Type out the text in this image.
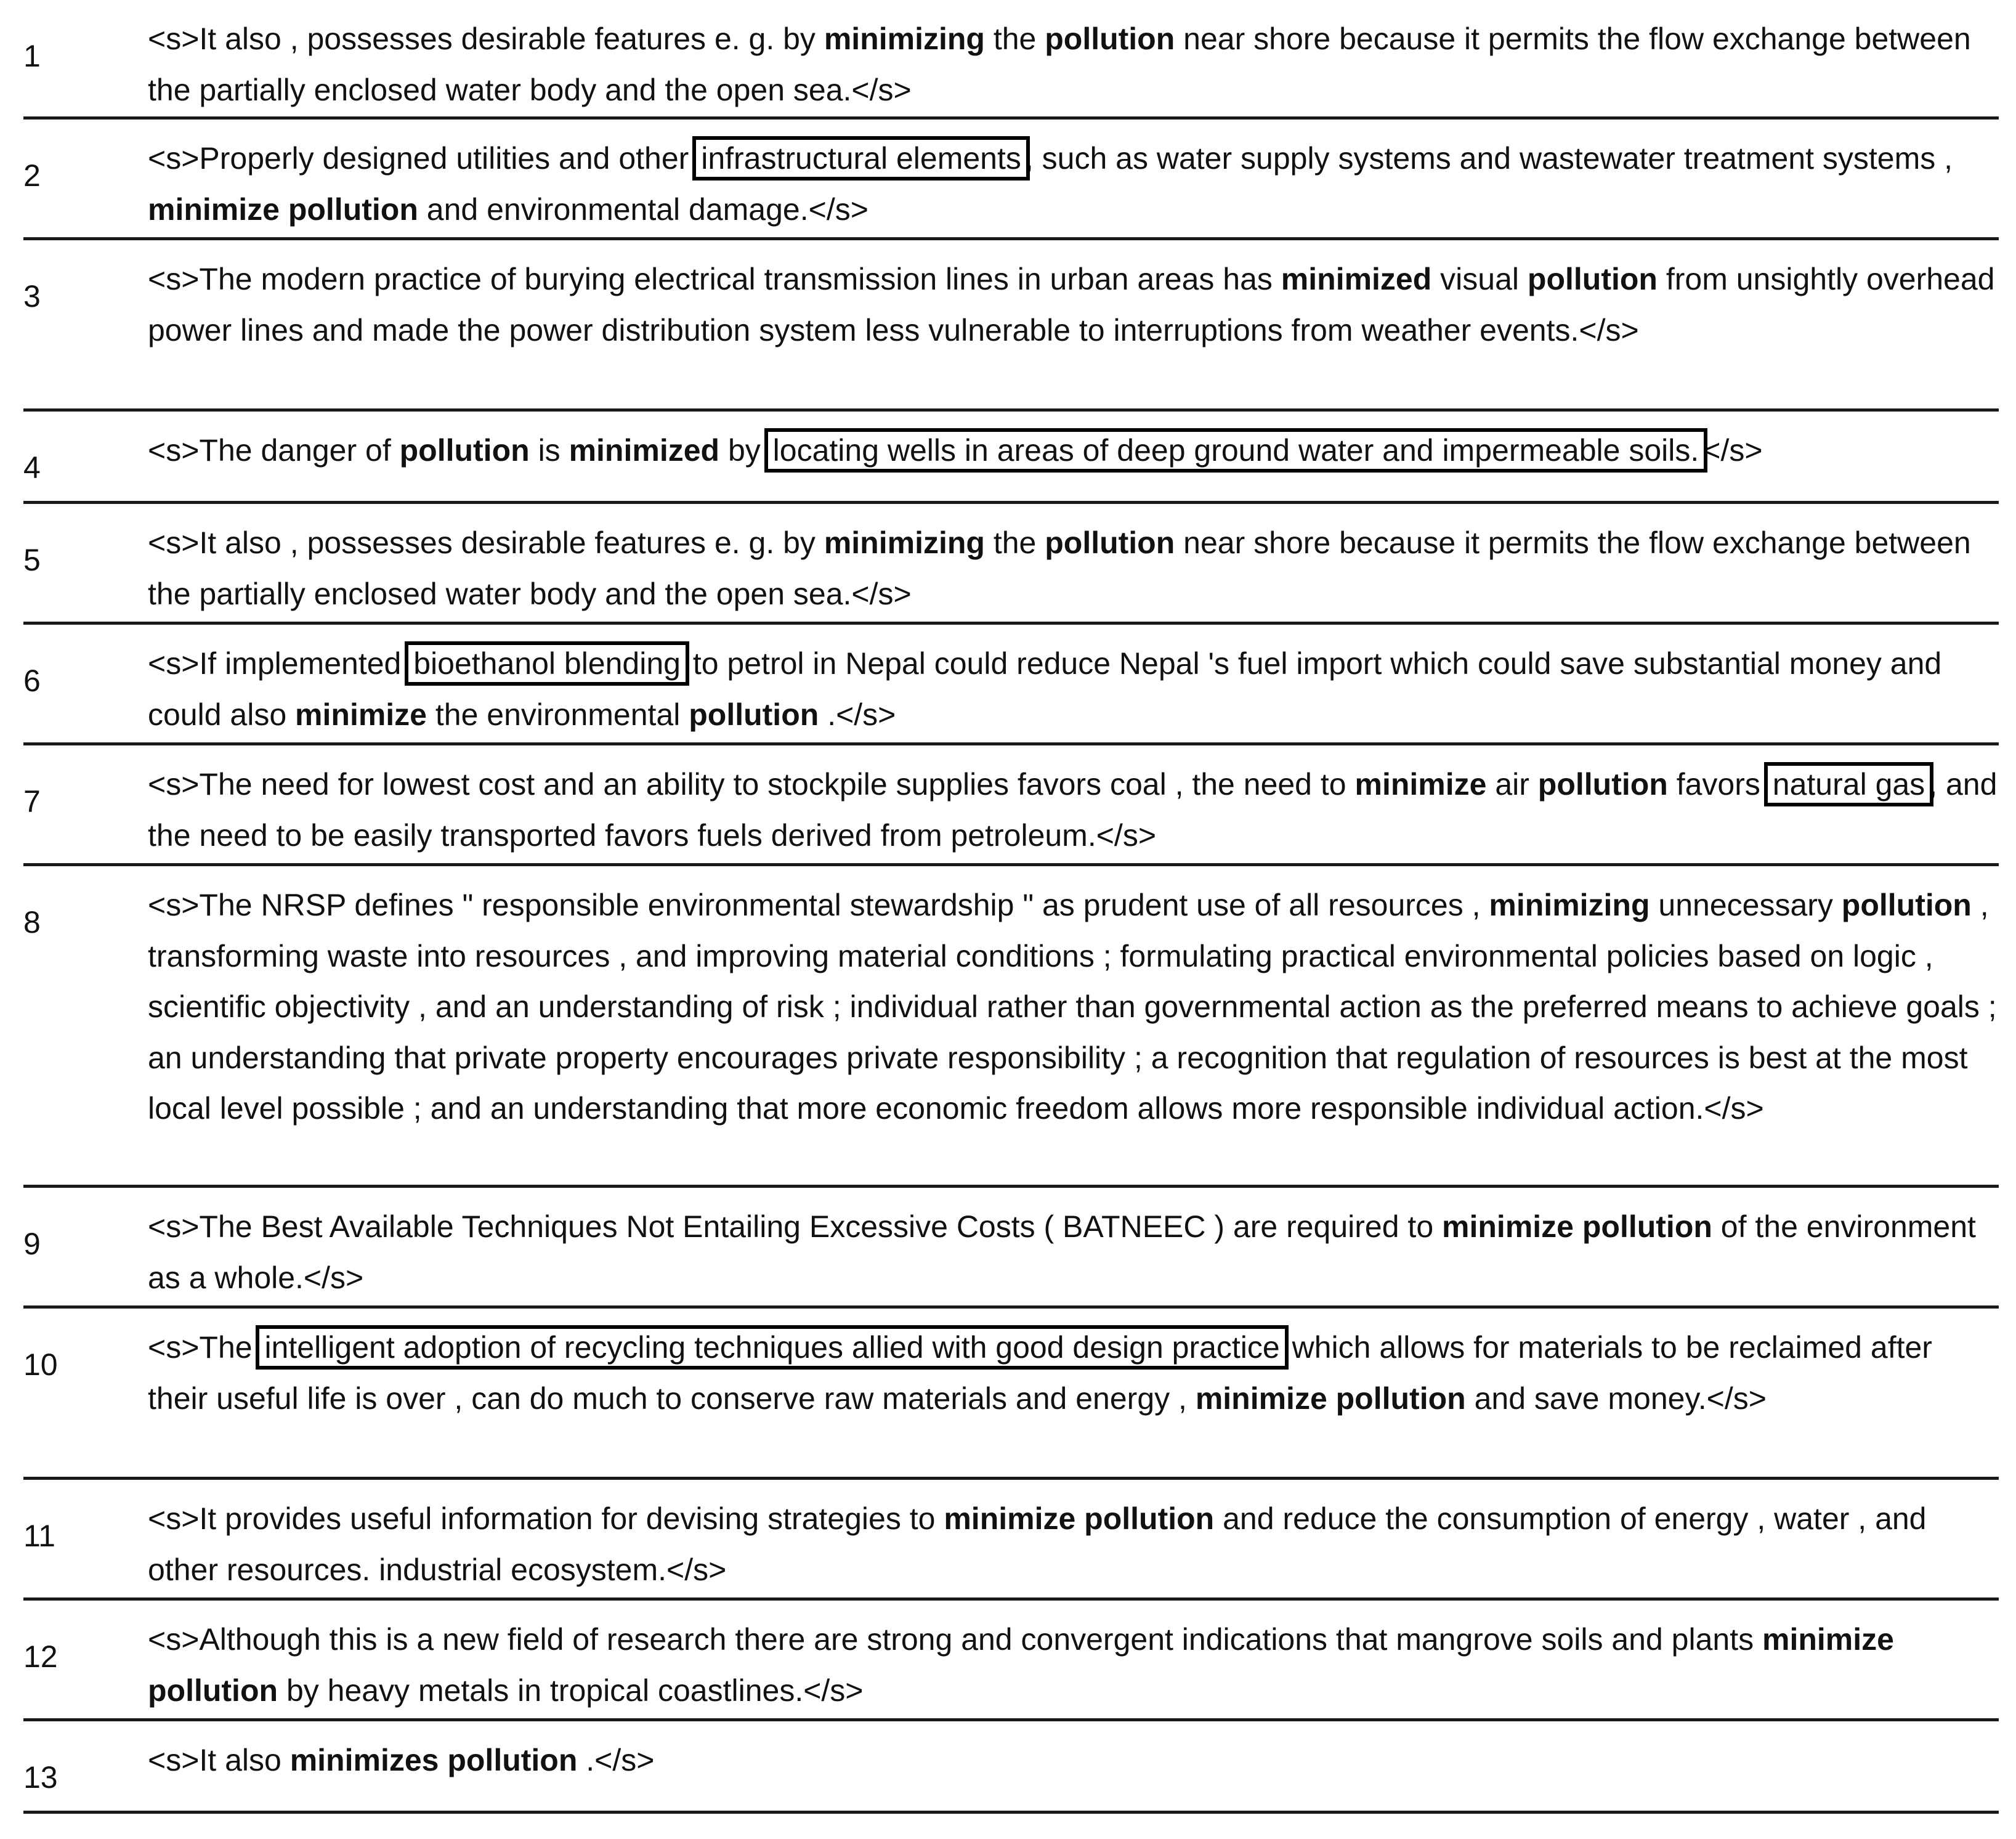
1	<s>It also , possesses desirable features e. g. by minimizing the pollution near shore because it permits the flow exchange between the partially enclosed water body and the open sea.</s>
2	<s>Properly designed utilities and other infrastructural elements , such as water supply systems and wastewater treatment systems , minimize pollution and environmental damage.</s>
3	<s>The modern practice of burying electrical transmission lines in urban areas has minimized visual pollution from unsightly overhead power lines and made the power distribution system less vulnerable to interruptions from weather events.</s>
4	<s>The danger of pollution is minimized by locating wells in areas of deep ground water and impermeable soils. </s>
5	<s>It also , possesses desirable features e. g. by minimizing the pollution near shore because it permits the flow exchange between the partially enclosed water body and the open sea.</s>
6	<s>If implemented bioethanol blending to petrol in Nepal could reduce Nepal 's fuel import which could save substantial money and could also minimize the environmental pollution .</s>
7	<s>The need for lowest cost and an ability to stockpile supplies favors coal , the need to minimize air pollution favors natural gas , and the need to be easily transported favors fuels derived from petroleum.</s>
8	<s>The NRSP defines " responsible environmental stewardship " as prudent use of all resources , minimizing unnecessary pollution , transforming waste into resources , and improving material conditions ; formulating practical environmental policies based on logic , scientific objectivity , and an understanding of risk ; individual rather than governmental action as the preferred means to achieve goals ; an understanding that private property encourages private responsibility ; a recognition that regulation of resources is best at the most local level possible ; and an understanding that more economic freedom allows more responsible individual action.</s>
9	<s>The Best Available Techniques Not Entailing Excessive Costs ( BATNEEC ) are required to minimize pollution of the environment as a whole.</s>
10	<s>The intelligent adoption of recycling techniques allied with good design practice which allows for materials to be reclaimed after their useful life is over , can do much to conserve raw materials and energy , minimize pollution and save money.</s>
11	<s>It provides useful information for devising strategies to minimize pollution and reduce the consumption of energy , water , and other resources. industrial ecosystem.</s>
12	<s>Although this is a new field of research there are strong and convergent indications that mangrove soils and plants minimize pollution by heavy metals in tropical coastlines.</s>
13	<s>It also minimizes pollution .</s>
